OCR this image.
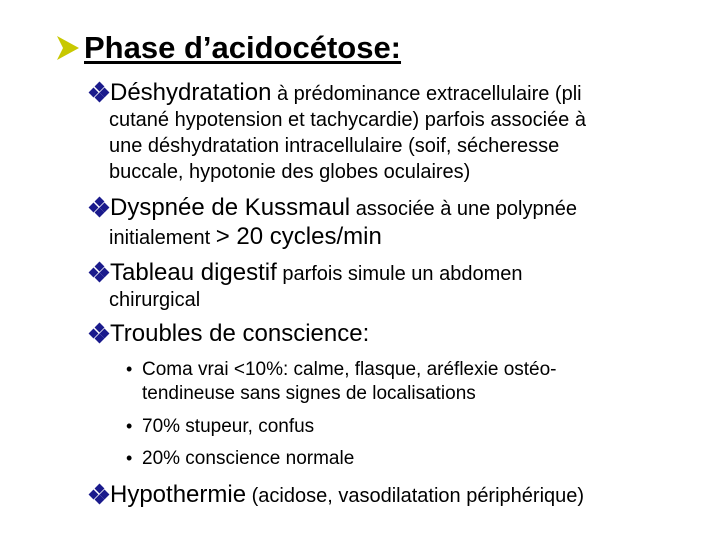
Phase d’acidocétose:
Déshydratation à prédominance extracellulaire (pli
cutané hypotension et tachycardie) parfois associée à
une déshydratation intracellulaire (soif, sécheresse
buccale, hypotonie des globes oculaires)
Dyspnée de Kussmaul associée à une polypnée
initialement > 20 cycles/min
Tableau digestif parfois simule un abdomen
chirurgical
Troubles de conscience:
• Coma vrai <10%: calme, flasque, aréflexie ostéo-
tendineuse sans signes de localisations
• 70% stupeur, confus
• 20% conscience normale
Hypothermie (acidose, vasodilatation périphérique)
